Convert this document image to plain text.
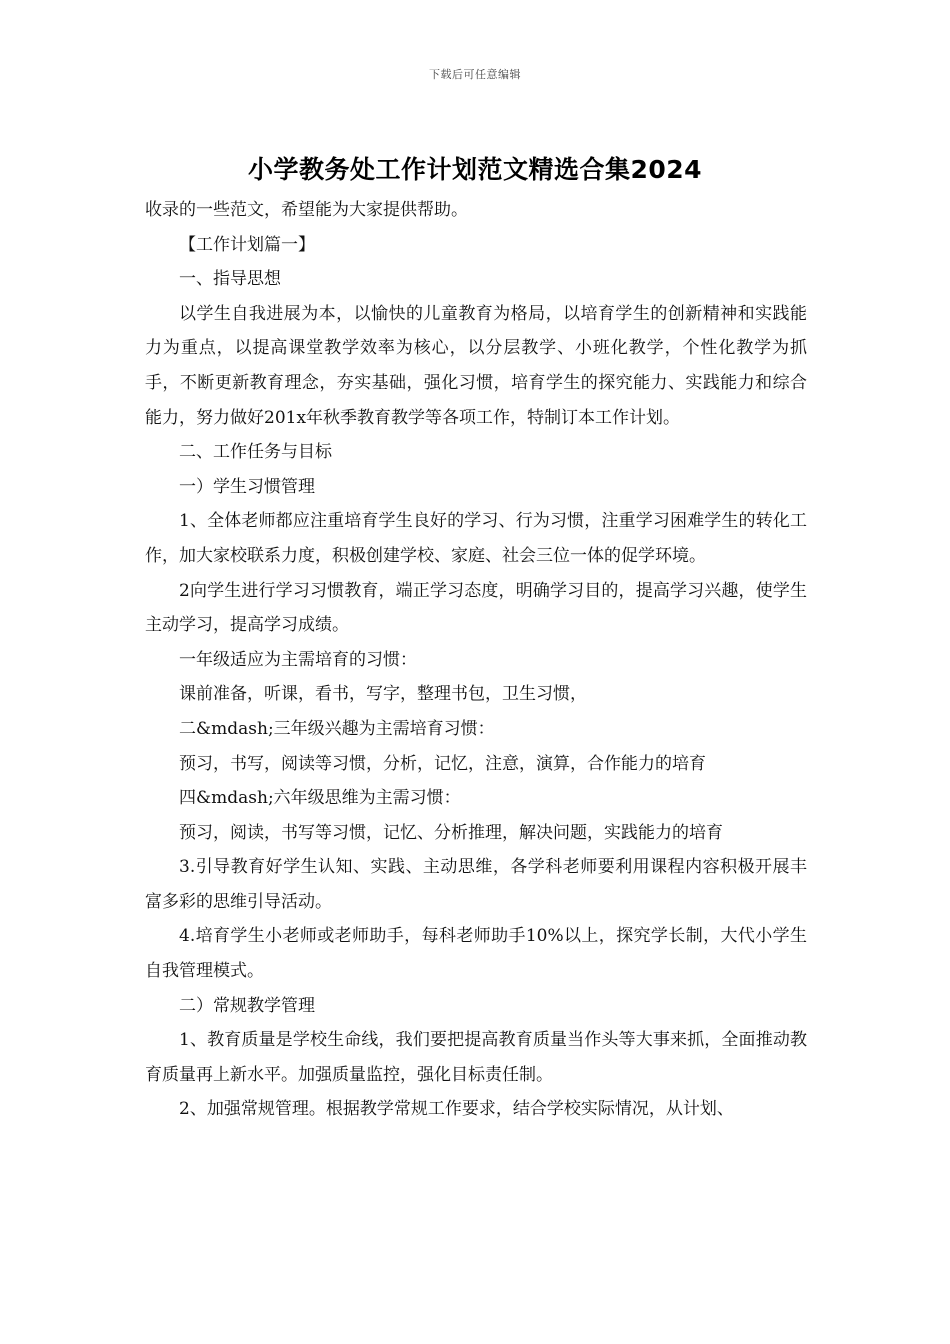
下载后可任意编辑
小学教务处工作计划范文精选合集2024

收录的一些范文，希望能为大家提供帮助。

【工作计划篇一】

一、指导思想

以学生自我进展为本，以愉快的儿童教育为格局，以培育学生的创新精神和实践能力为重点，以提高课堂教学效率为核心，以分层教学、小班化教学，个性化教学为抓手，不断更新教育理念，夯实基础，强化习惯，培育学生的探究能力、实践能力和综合能力，努力做好201x年秋季教育教学等各项工作，特制订本工作计划。

二、工作任务与目标

一）学生习惯管理

1、全体老师都应注重培育学生良好的学习、行为习惯，注重学习困难学生的转化工作，加大家校联系力度，积极创建学校、家庭、社会三位一体的促学环境。

2向学生进行学习习惯教育，端正学习态度，明确学习目的，提高学习兴趣，使学生主动学习，提高学习成绩。

一年级适应为主需培育的习惯：

课前准备，听课，看书，写字，整理书包，卫生习惯，

二&mdash;三年级兴趣为主需培育习惯：

预习，书写，阅读等习惯，分析，记忆，注意，演算，合作能力的培育

四&mdash;六年级思维为主需习惯：

预习，阅读，书写等习惯，记忆、分析推理，解决问题，实践能力的培育

3.引导教育好学生认知、实践、主动思维，各学科老师要利用课程内容积极开展丰富多彩的思维引导活动。

4.培育学生小老师或老师助手，每科老师助手10%以上，探究学长制，大代小学生自我管理模式。

二）常规教学管理

1、教育质量是学校生命线，我们要把提高教育质量当作头等大事来抓，全面推动教育质量再上新水平。加强质量监控，强化目标责任制。

2、加强常规管理。根据教学常规工作要求，结合学校实际情况，从计划、
